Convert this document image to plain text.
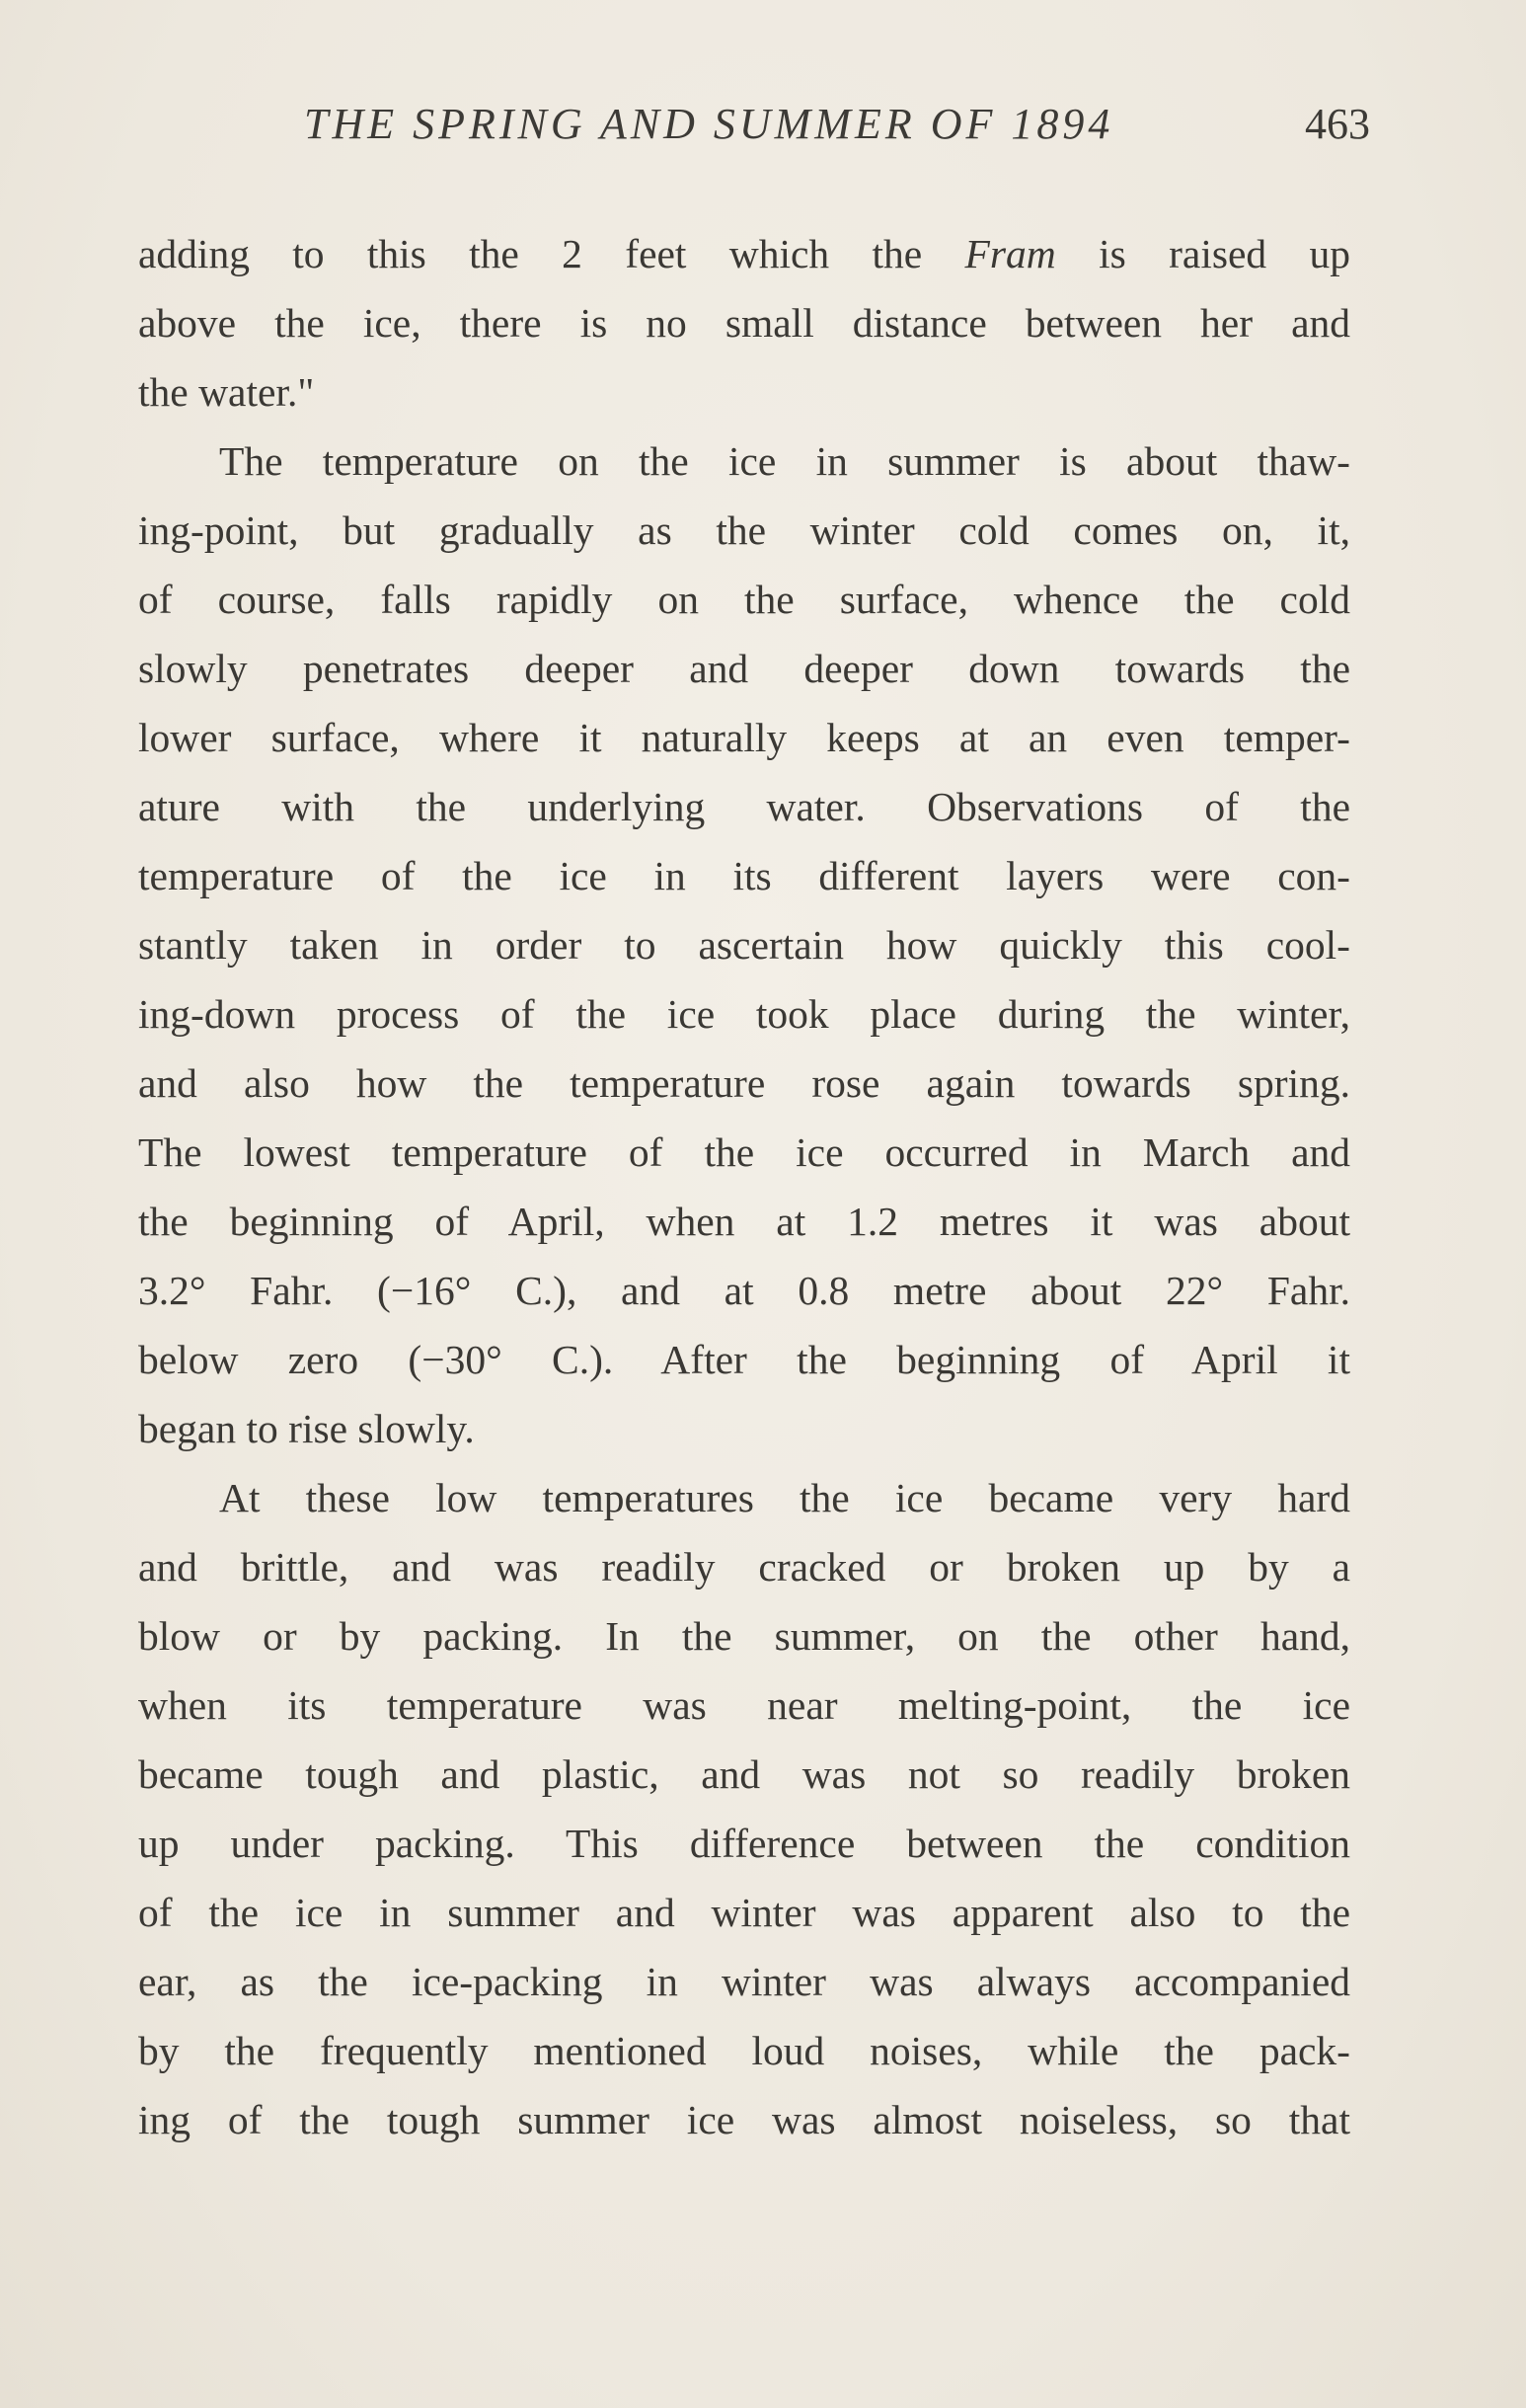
THE SPRING AND SUMMER OF 1894	463
adding to this the 2 feet which the Fram is raised up
above the ice, there is no small distance between her and
the water."
The temperature on the ice in summer is about thaw-
ing-point, but gradually as the winter cold comes on, it,
of course, falls rapidly on the surface, whence the cold
slowly penetrates deeper and deeper down towards the
lower surface, where it naturally keeps at an even temper-
ature with the underlying water. Observations of the
temperature of the ice in its different layers were con-
stantly taken in order to ascertain how quickly this cool-
ing-down process of the ice took place during the winter,
and also how the temperature rose again towards spring.
The lowest temperature of the ice occurred in March and
the beginning of April, when at 1.2 metres it was about
3.2° Fahr. (−16° C.), and at 0.8 metre about 22° Fahr.
below zero (−30° C.). After the beginning of April it
began to rise slowly.
At these low temperatures the ice became very hard
and brittle, and was readily cracked or broken up by a
blow or by packing. In the summer, on the other hand,
when its temperature was near melting-point, the ice
became tough and plastic, and was not so readily broken
up under packing. This difference between the condition
of the ice in summer and winter was apparent also to the
ear, as the ice-packing in winter was always accompanied
by the frequently mentioned loud noises, while the pack-
ing of the tough summer ice was almost noiseless, so that
